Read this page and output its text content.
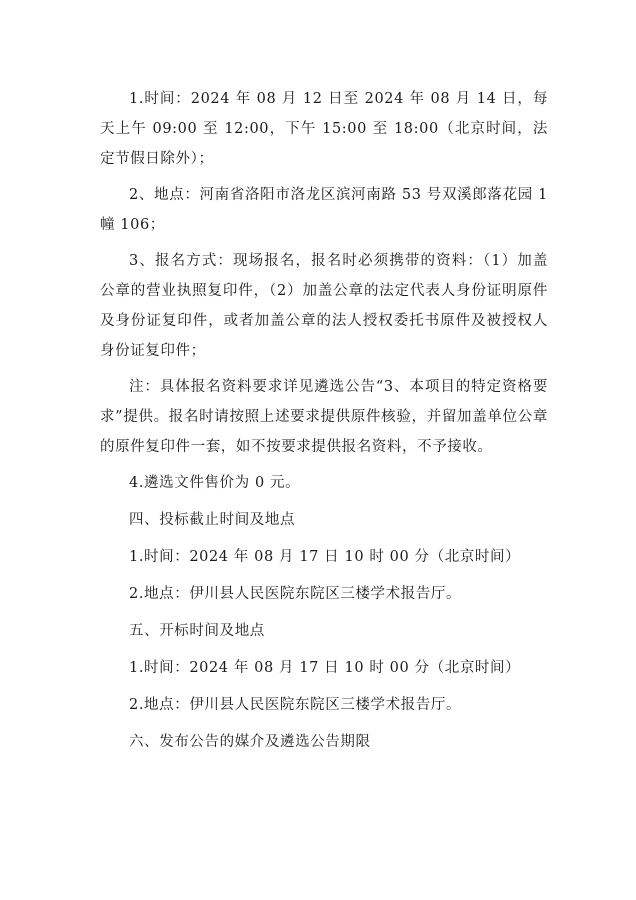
1.时间：2024 年 08 月 12 日至 2024 年 08 月 14 日，每天上午 09:00 至 12:00，下午 15:00 至 18:00（北京时间，法定节假日除外）；

2、地点：河南省洛阳市洛龙区滨河南路 53 号双溪郎落花园 1 幢 106；

3、报名方式：现场报名，报名时必须携带的资料：（1）加盖公章的营业执照复印件，（2）加盖公章的法定代表人身份证明原件及身份证复印件，或者加盖公章的法人授权委托书原件及被授权人身份证复印件；

注：具体报名资料要求详见遴选公告“3、本项目的特定资格要求”提供。报名时请按照上述要求提供原件核验，并留加盖单位公章的原件复印件一套，如不按要求提供报名资料，不予接收。

4.遴选文件售价为 0 元。

四、投标截止时间及地点

1.时间：2024 年 08 月 17 日 10 时 00 分（北京时间）

2.地点：伊川县人民医院东院区三楼学术报告厅。

五、开标时间及地点

1.时间：2024 年 08 月 17 日 10 时 00 分（北京时间）

2.地点：伊川县人民医院东院区三楼学术报告厅。

六、发布公告的媒介及遴选公告期限
